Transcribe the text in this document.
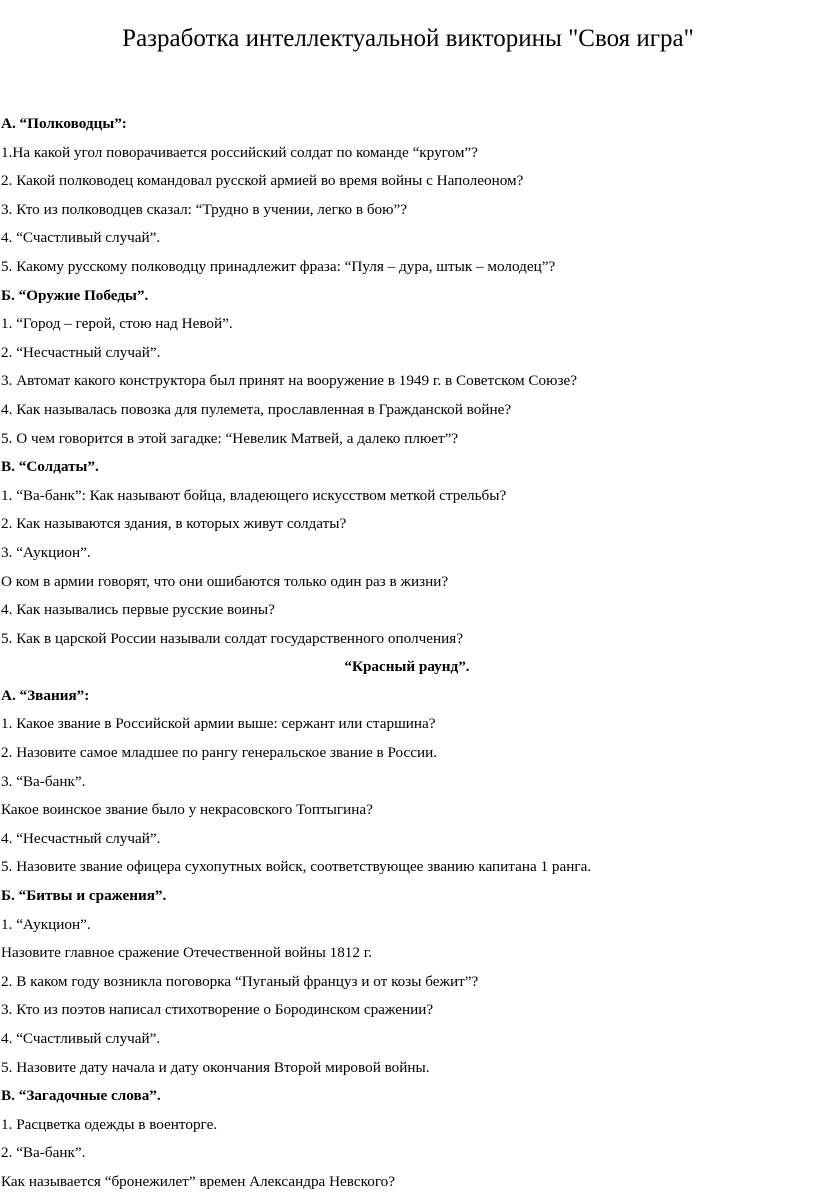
Разработка интеллектуальной викторины "Своя игра"
А. “Полководцы”:
1.На какой угол поворачивается российский солдат по команде “кругом”?
2. Какой полководец командовал русской армией во время войны с Наполеоном?
3. Кто из полководцев сказал: “Трудно в учении, легко в бою”?
4. “Счастливый случай”.
5. Какому русскому полководцу принадлежит фраза: “Пуля – дура, штык – молодец”?
Б. “Оружие Победы”.
1. “Город – герой, стою над Невой”.
2. “Несчастный случай”.
3. Автомат какого конструктора был принят на вооружение в 1949 г. в Советском Союзе?
4. Как называлась повозка для пулемета, прославленная в Гражданской войне?
5. О чем говорится в этой загадке: “Невелик Матвей, а далеко плюет”?
В. “Солдаты”.
1. “Ва-банк”: Как называют бойца, владеющего искусством меткой стрельбы?
2. Как называются здания, в которых живут солдаты?
3. “Аукцион”.
О ком в армии говорят, что они ошибаются только один раз в жизни?
4. Как назывались первые русские воины?
5. Как в царской России называли солдат государственного ополчения?
“Красный раунд”.
А. “Звания”:
1. Какое звание в Российской армии выше: сержант или старшина?
2. Назовите самое младшее по рангу генеральское звание в России.
3. “Ва-банк”.
Какое воинское звание было у некрасовского Топтыгина?
4. “Несчастный случай”.
5. Назовите звание офицера сухопутных войск, соответствующее званию капитана 1 ранга.
Б. “Битвы и сражения”.
1. “Аукцион”.
Назовите главное сражение Отечественной войны 1812 г.
2. В каком году возникла поговорка “Пуганый француз и от козы бежит”?
3. Кто из поэтов написал стихотворение о Бородинском сражении?
4. “Счастливый случай”.
5. Назовите дату начала и дату окончания Второй мировой войны.
В. “Загадочные слова”.
1. Расцветка одежды в военторге.
2. “Ва-банк”.
Как называется “бронежилет” времен Александра Невского?
